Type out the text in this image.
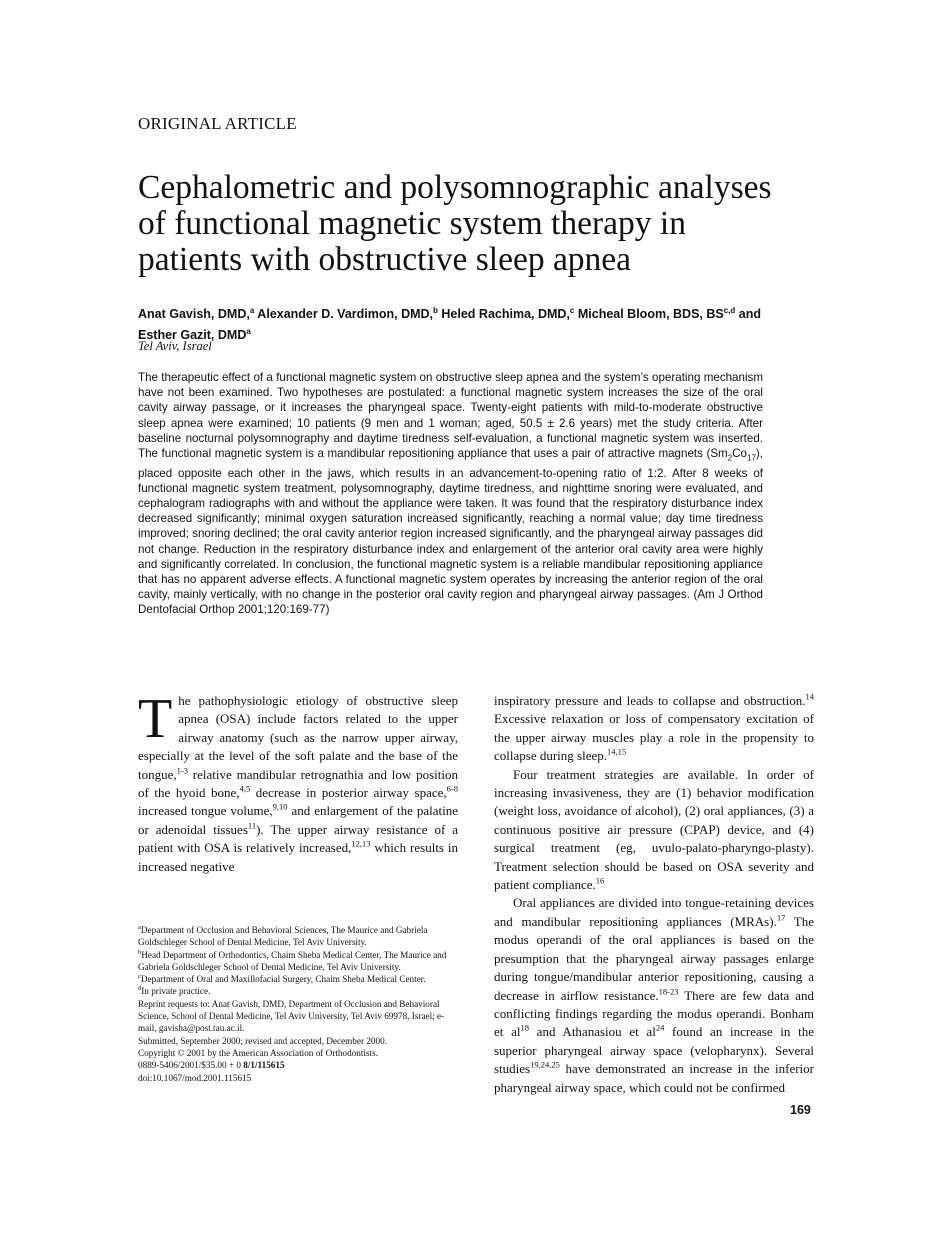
ORIGINAL ARTICLE
Cephalometric and polysomnographic analyses
of functional magnetic system therapy in
patients with obstructive sleep apnea
Anat Gavish, DMD,$^a$ Alexander D. Vardimon, DMD,$^b$ Heled Rachima, DMD,$^c$ Micheal Bloom, BDS, BS$^{c,d}$ and
Esther Gazit, DMD$^a$
Tel Aviv, Israel

The therapeutic effect of a functional magnetic system on obstructive sleep apnea and the system’s operating mechanism have not been examined. Two hypotheses are postulated: a functional magnetic system increases the size of the oral cavity airway passage, or it increases the pharyngeal space. Twenty-eight patients with mild-to-moderate obstructive sleep apnea were examined; 10 patients (9 men and 1 woman; aged, 50.5 ± 2.6 years) met the study criteria. After baseline nocturnal polysomnography and daytime tiredness self-evaluation, a functional magnetic system was inserted. The functional magnetic system is a mandibular repositioning appliance that uses a pair of attractive magnets $(Sm_2Co_{17})$, placed opposite each other in the jaws, which results in an advancement-to-opening ratio of 1:2. After 8 weeks of functional magnetic system treatment, polysomnography, daytime tiredness, and nighttime snoring were evaluated, and cephalogram radiographs with and without the appliance were taken. It was found that the respiratory disturbance index decreased significantly; minimal oxygen saturation increased significantly, reaching a normal value; day time tiredness improved; snoring declined; the oral cavity anterior region increased significantly, and the pharyngeal airway passages did not change. Reduction in the respiratory disturbance index and enlargement of the anterior oral cavity area were highly and significantly correlated. In conclusion, the functional magnetic system is a reliable mandibular repositioning appliance that has no apparent adverse effects. A functional magnetic system operates by increasing the anterior region of the oral cavity, mainly vertically, with no change in the posterior oral cavity region and pharyngeal airway passages. (Am J Orthod Dentofacial Orthop 2001;120:169-77)

The pathophysiologic etiology of obstructive sleep apnea (OSA) include factors related to the upper airway anatomy (such as the narrow upper airway, especially at the level of the soft palate and the base of the tongue,$^{1-3}$ relative mandibular retrognathia and low position of the hyoid bone,$^{4,5}$ decrease in posterior airway space,$^{6-8}$ increased tongue volume,$^{9,10}$ and enlargement of the palatine or adenoidal tissues$^{11}$). The upper airway resistance of a patient with OSA is relatively increased,$^{12,13}$ which results in increased negative

$^a$Department of Occlusion and Behavioral Sciences, The Maurice and Gabriela Goldschleger School of Dental Medicine, Tel Aviv University.
$^b$Head Department of Orthodontics, Chaim Sheba Medical Center, The Maurice and Gabriela Goldschleger School of Dental Medicine, Tel Aviv University.
$^c$Department of Oral and Maxillofacial Surgery, Chaim Sheba Medical Center.
$^d$In private practice.
Reprint requests to: Anat Gavish, DMD, Department of Occlusion and Behavioral Science, School of Dental Medicine, Tel Aviv University, Tel Aviv 69978, Israel; e-mail, gavisha@post.tau.ac.il.
Submitted, September 2000; revised and accepted, December 2000.
Copyright © 2001 by the American Association of Orthodontists.
0889-5406/2001/$35.00 + 0 8/1/115615
doi:10.1067/mod.2001.115615

inspiratory pressure and leads to collapse and obstruction.$^{14}$ Excessive relaxation or loss of compensatory excitation of the upper airway muscles play a role in the propensity to collapse during sleep.$^{14,15}$

Four treatment strategies are available. In order of increasing invasiveness, they are (1) behavior modification (weight loss, avoidance of alcohol), (2) oral appliances, (3) a continuous positive air pressure (CPAP) device, and (4) surgical treatment (eg, uvulo-palato-pharyngo-plasty). Treatment selection should be based on OSA severity and patient compliance.$^{16}$

Oral appliances are divided into tongue-retaining devices and mandibular repositioning appliances (MRAs).$^{17}$ The modus operandi of the oral appliances is based on the presumption that the pharyngeal airway passages enlarge during tongue/mandibular anterior repositioning, causing a decrease in airflow resistance.$^{18-23}$ There are few data and conflicting findings regarding the modus operandi. Bonham et $al^{18}$ and Athanasiou et $al^{24}$ found an increase in the superior pharyngeal airway space (velopharynx). Several studies$^{19,24,25}$ have demonstrated an increase in the inferior pharyngeal airway space, which could not be confirmed

169
